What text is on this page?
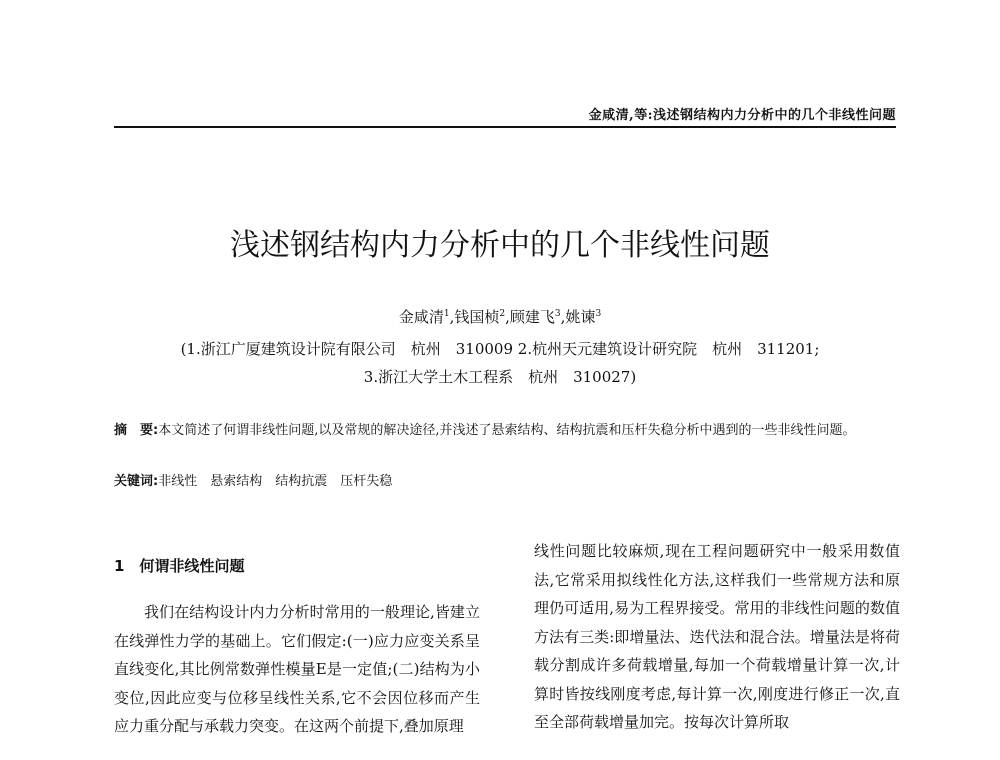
金咸清,等:浅述钢结构内力分析中的几个非线性问题
浅述钢结构内力分析中的几个非线性问题
金咸清$^1$,钱国桢$^2$,顾建飞$^3$,姚谏$^3$
(1.浙江广厦建筑设计院有限公司　杭州　310009 2.杭州天元建筑设计研究院　杭州　311201;
3.浙江大学土木工程系　杭州　310027)
摘　要:本文简述了何谓非线性问题,以及常规的解决途径,并浅述了悬索结构、结构抗震和压杆失稳分析中遇到的一些非线性问题。
关键词:非线性　悬索结构　结构抗震　压杆失稳
1　何谓非线性问题

我们在结构设计内力分析时常用的一般理论,皆建立在线弹性力学的基础上。它们假定:(一)应力应变关系呈直线变化,其比例常数弹性模量E是一定值;(二)结构为小变位,因此应变与位移呈线性关系,它不会因位移而产生应力重分配与承载力突变。在这两个前提下,叠加原理

线性问题比较麻烦,现在工程问题研究中一般采用数值法,它常采用拟线性化方法,这样我们一些常规方法和原理仍可适用,易为工程界接受。常用的非线性问题的数值方法有三类:即增量法、迭代法和混合法。增量法是将荷载分割成许多荷载增量,每加一个荷载增量计算一次,计算时皆按线刚度考虑,每计算一次,刚度进行修正一次,直至全部荷载增量加完。按每次计算所取
